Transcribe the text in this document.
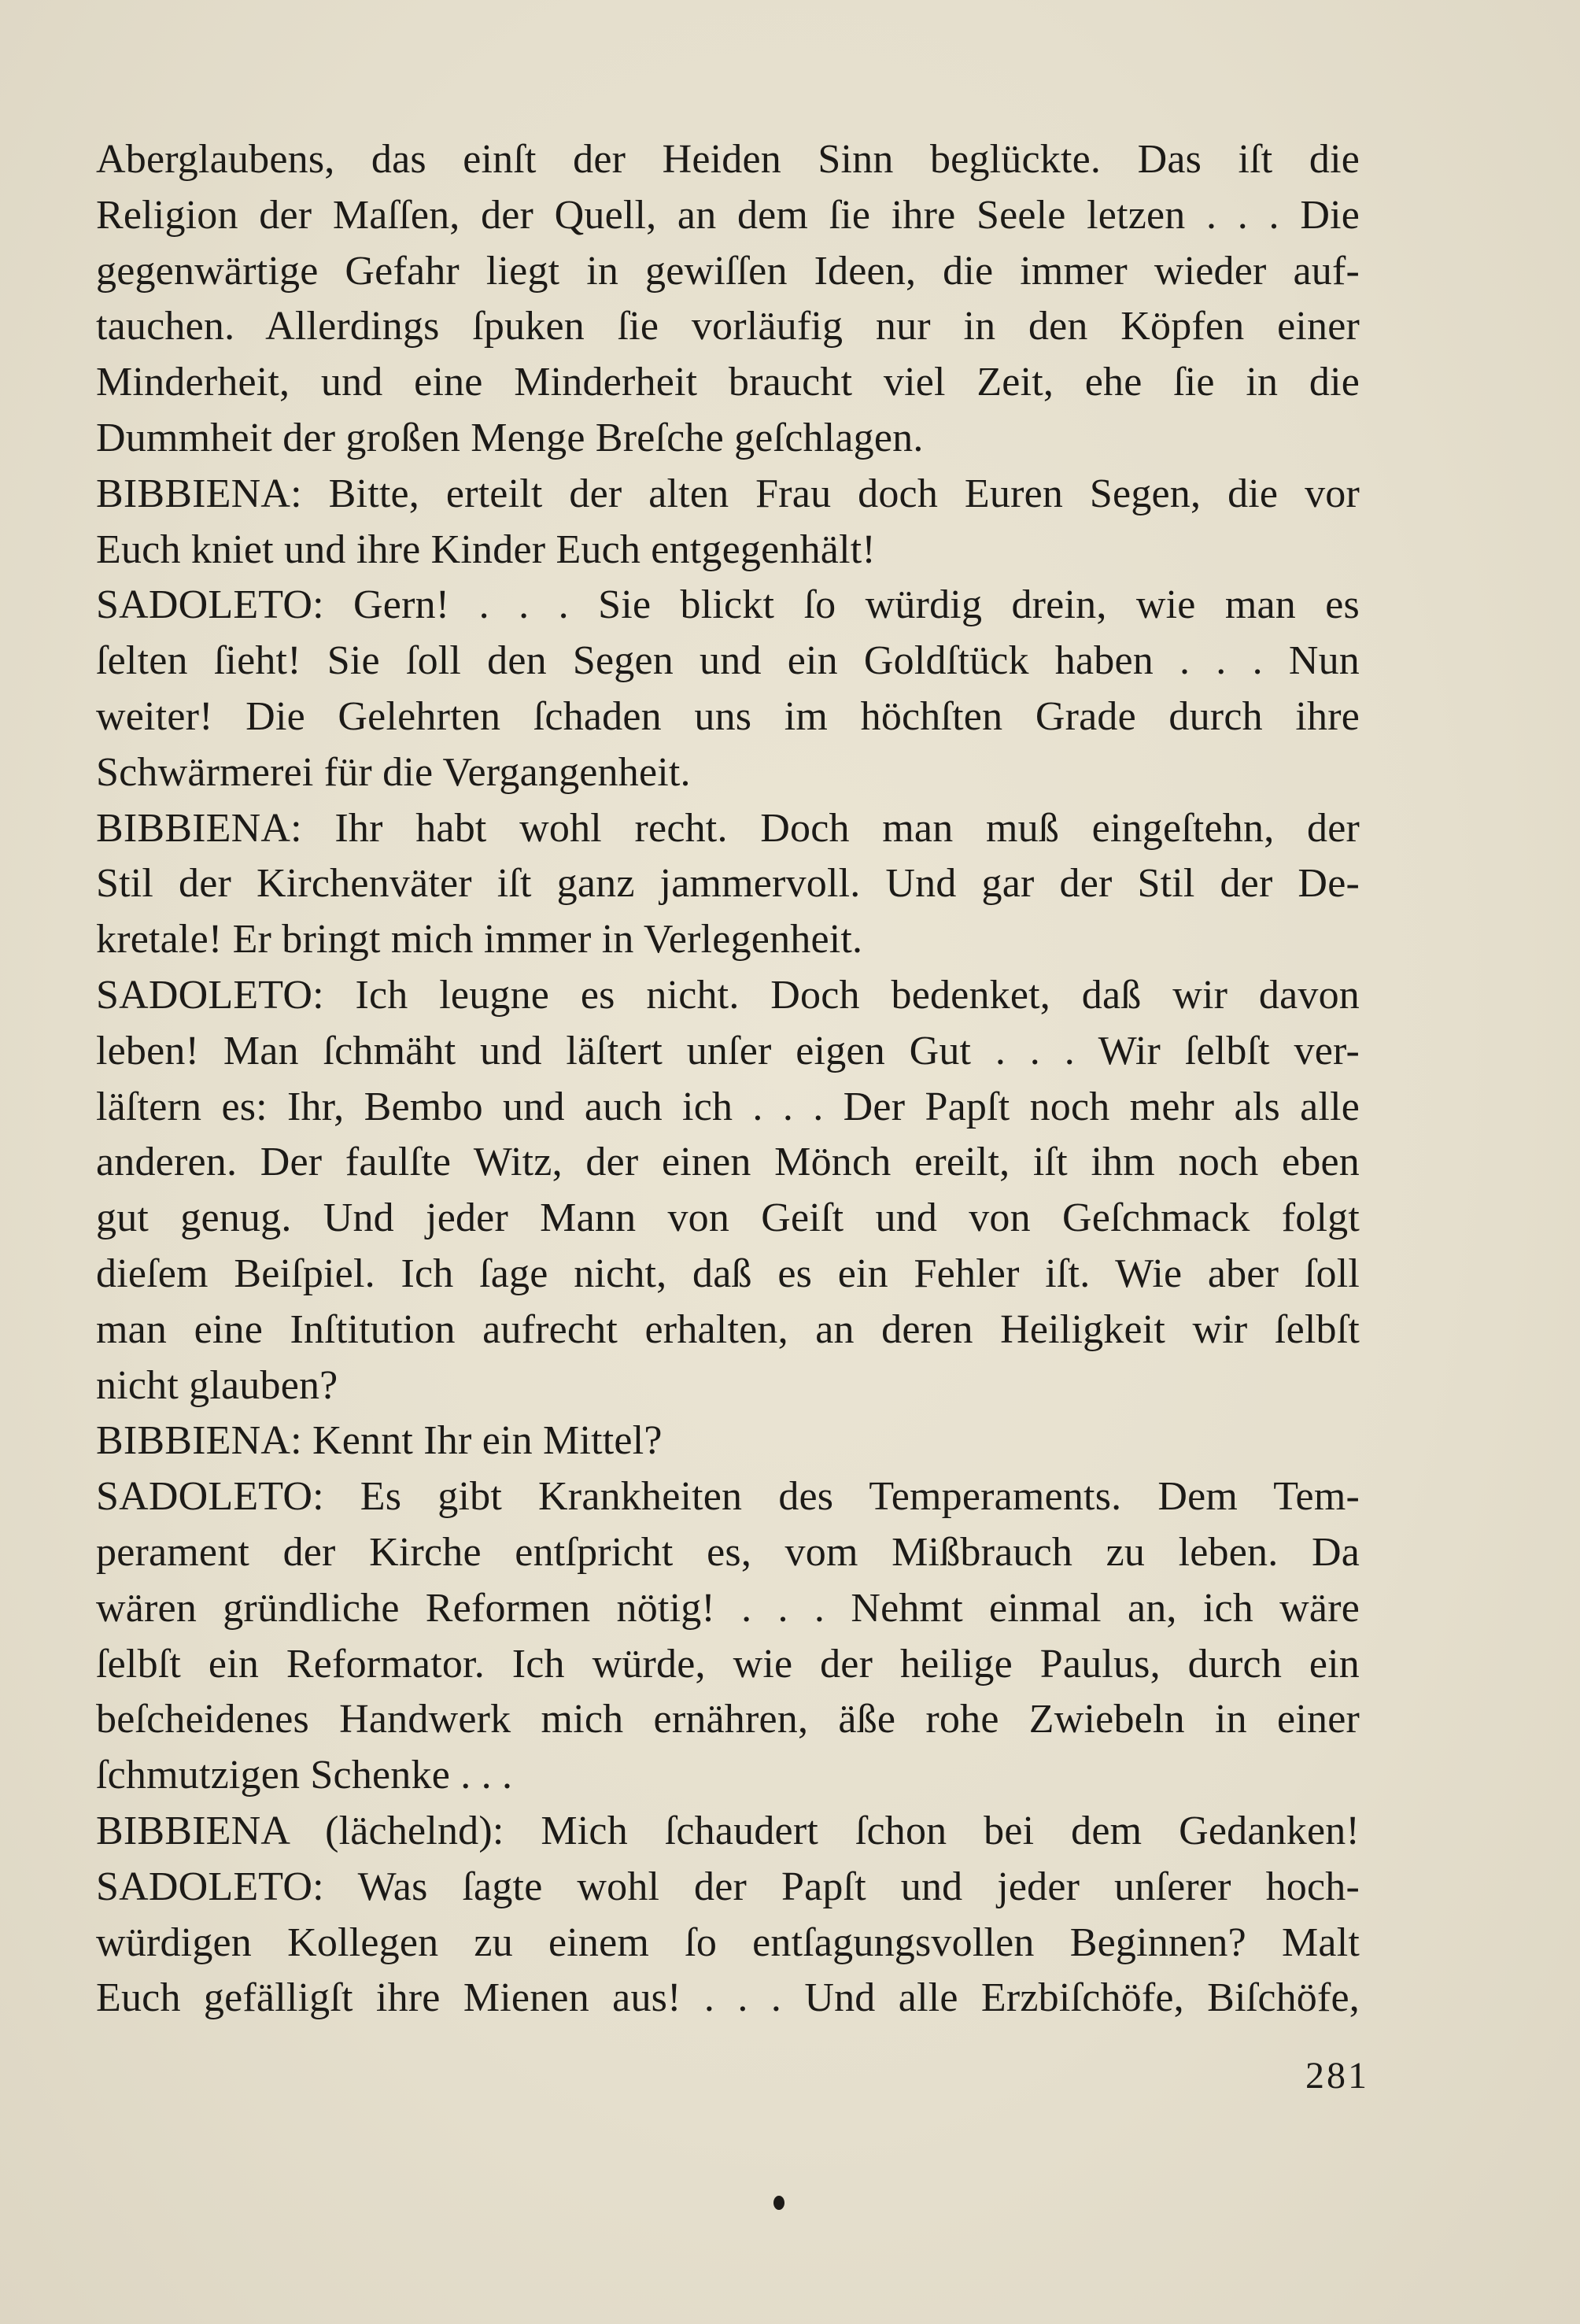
Aberglaubens, das einſt der Heiden Sinn beglückte. Das iſt die
Religion der Maſſen, der Quell, an dem ſie ihre Seele letzen . . . Die
gegenwärtige Gefahr liegt in gewiſſen Ideen, die immer wieder auf-
tauchen. Allerdings ſpuken ſie vorläufig nur in den Köpfen einer
Minderheit, und eine Minderheit braucht viel Zeit, ehe ſie in die
Dummheit der großen Menge Breſche geſchlagen.
BIBBIENA: Bitte, erteilt der alten Frau doch Euren Segen, die vor
Euch kniet und ihre Kinder Euch entgegenhält!
SADOLETO: Gern! . . . Sie blickt ſo würdig drein, wie man es
ſelten ſieht! Sie ſoll den Segen und ein Goldſtück haben . . . Nun
weiter! Die Gelehrten ſchaden uns im höchſten Grade durch ihre
Schwärmerei für die Vergangenheit.
BIBBIENA: Ihr habt wohl recht. Doch man muß eingeſtehn, der
Stil der Kirchenväter iſt ganz jammervoll. Und gar der Stil der De-
kretale! Er bringt mich immer in Verlegenheit.
SADOLETO: Ich leugne es nicht. Doch bedenket, daß wir davon
leben! Man ſchmäht und läſtert unſer eigen Gut . . . Wir ſelbſt ver-
läſtern es: Ihr, Bembo und auch ich . . . Der Papſt noch mehr als alle
anderen. Der faulſte Witz, der einen Mönch ereilt, iſt ihm noch eben
gut genug. Und jeder Mann von Geiſt und von Geſchmack folgt
dieſem Beiſpiel. Ich ſage nicht, daß es ein Fehler iſt. Wie aber ſoll
man eine Inſtitution aufrecht erhalten, an deren Heiligkeit wir ſelbſt
nicht glauben?
BIBBIENA: Kennt Ihr ein Mittel?
SADOLETO: Es gibt Krankheiten des Temperaments. Dem Tem-
perament der Kirche entſpricht es, vom Mißbrauch zu leben. Da
wären gründliche Reformen nötig! . . . Nehmt einmal an, ich wäre
ſelbſt ein Reformator. Ich würde, wie der heilige Paulus, durch ein
beſcheidenes Handwerk mich ernähren, äße rohe Zwiebeln in einer
ſchmutzigen Schenke . . .
BIBBIENA (lächelnd): Mich ſchaudert ſchon bei dem Gedanken!
SADOLETO: Was ſagte wohl der Papſt und jeder unſerer hoch-
würdigen Kollegen zu einem ſo entſagungsvollen Beginnen? Malt
Euch gefälligſt ihre Mienen aus! . . . Und alle Erzbiſchöfe, Biſchöfe,
281
